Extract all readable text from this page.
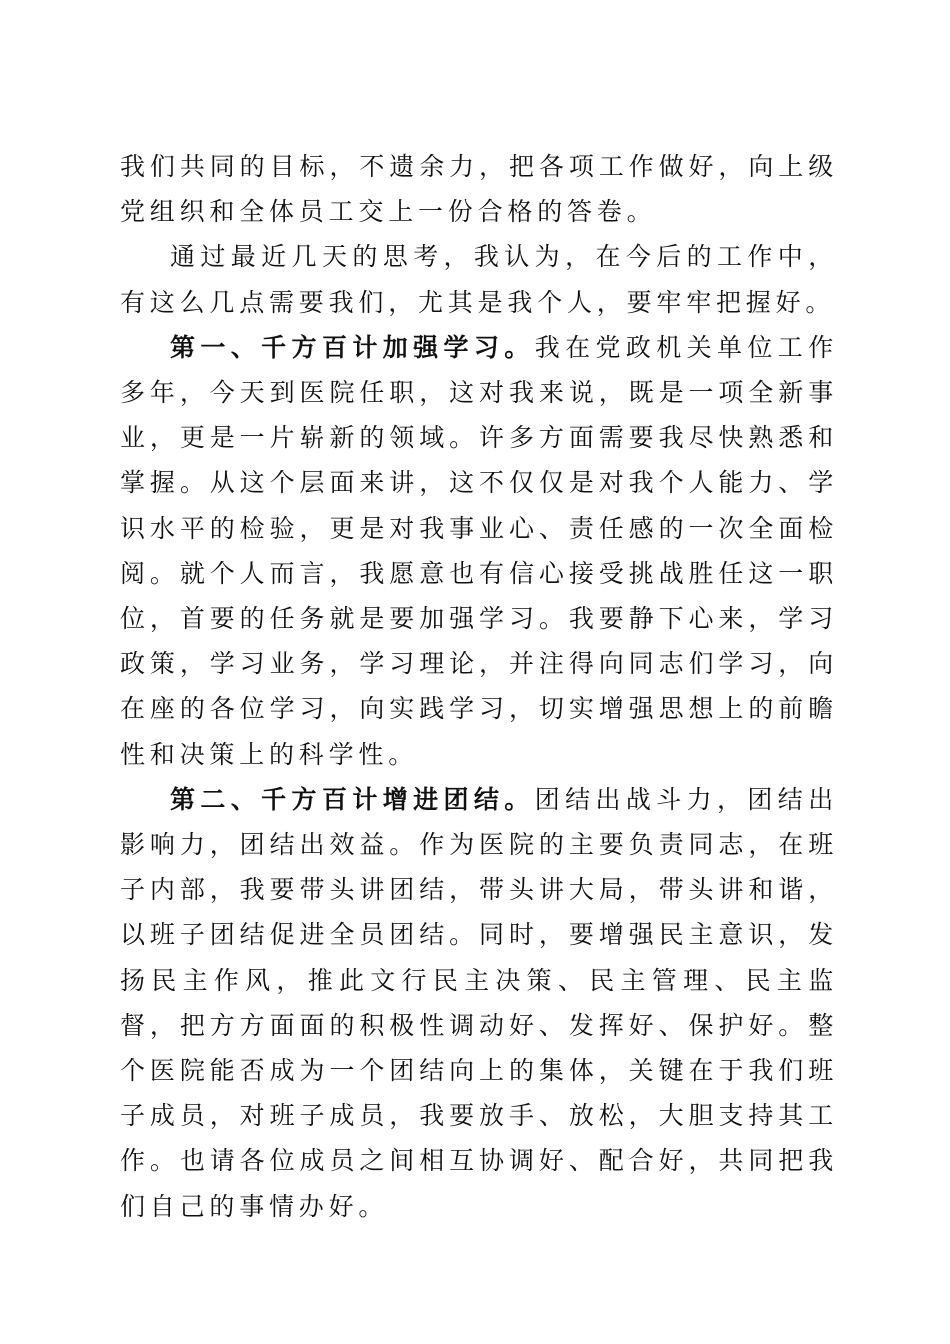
我们共同的目标，不遗余力，把各项工作做好，向上级党组织和全体员工交上一份合格的答卷。

通过最近几天的思考，我认为，在今后的工作中，有这么几点需要我们，尤其是我个人，要牢牢把握好。

第一、千方百计加强学习。我在党政机关单位工作多年，今天到医院任职，这对我来说，既是一项全新事业，更是一片崭新的领域。许多方面需要我尽快熟悉和掌握。从这个层面来讲，这不仅仅是对我个人能力、学识水平的检验，更是对我事业心、责任感的一次全面检阅。就个人而言，我愿意也有信心接受挑战胜任这一职位，首要的任务就是要加强学习。我要静下心来，学习政策，学习业务，学习理论，并注得向同志们学习，向在座的各位学习，向实践学习，切实增强思想上的前瞻性和决策上的科学性。

第二、千方百计增进团结。团结出战斗力，团结出影响力，团结出效益。作为医院的主要负责同志，在班子内部，我要带头讲团结，带头讲大局，带头讲和谐，以班子团结促进全员团结。同时，要增强民主意识，发扬民主作风，推此文行民主决策、民主管理、民主监督，把方方面面的积极性调动好、发挥好、保护好。整个医院能否成为一个团结向上的集体，关键在于我们班子成员，对班子成员，我要放手、放松，大胆支持其工作。也请各位成员之间相互协调好、配合好，共同把我们自己的事情办好。
